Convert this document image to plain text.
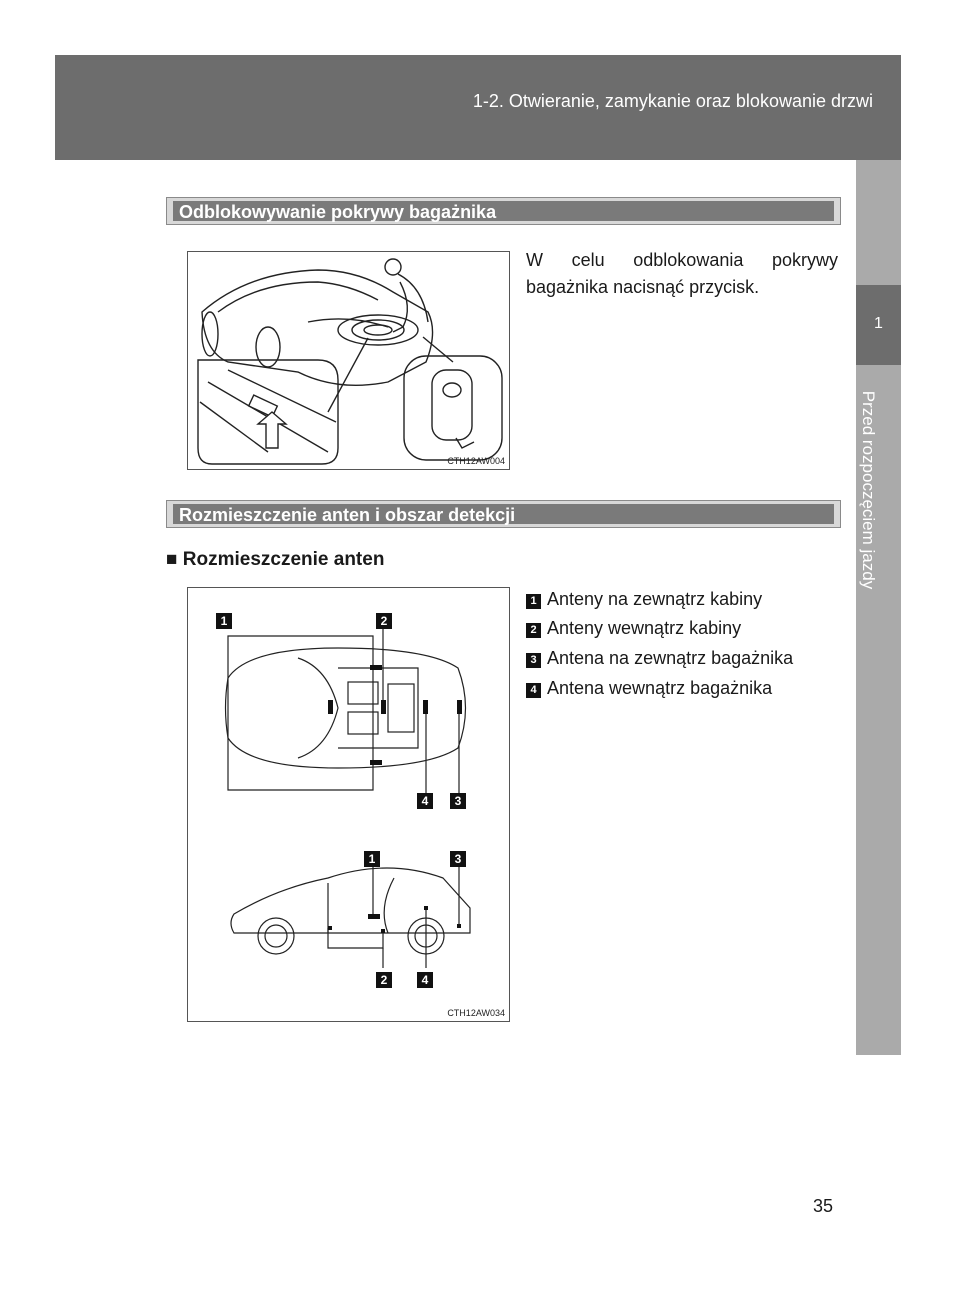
1-2. Otwieranie, zamykanie oraz blokowanie drzwi
1
Przed rozpoczęciem jazdy
Odblokowywanie pokrywy bagażnika
CTH12AW004
W celu odblokowania pokrywy bagażnika nacisnąć przycisk.
Rozmieszczenie anten i obszar detekcji
■ Rozmieszczenie anten
1	2
4 3
1	3
2	4
CTH12AW034
1 Anteny na zewnątrz kabiny
2 Anteny wewnątrz kabiny
3 Antena na zewnątrz bagażnika
4 Antena wewnątrz bagażnika
35
